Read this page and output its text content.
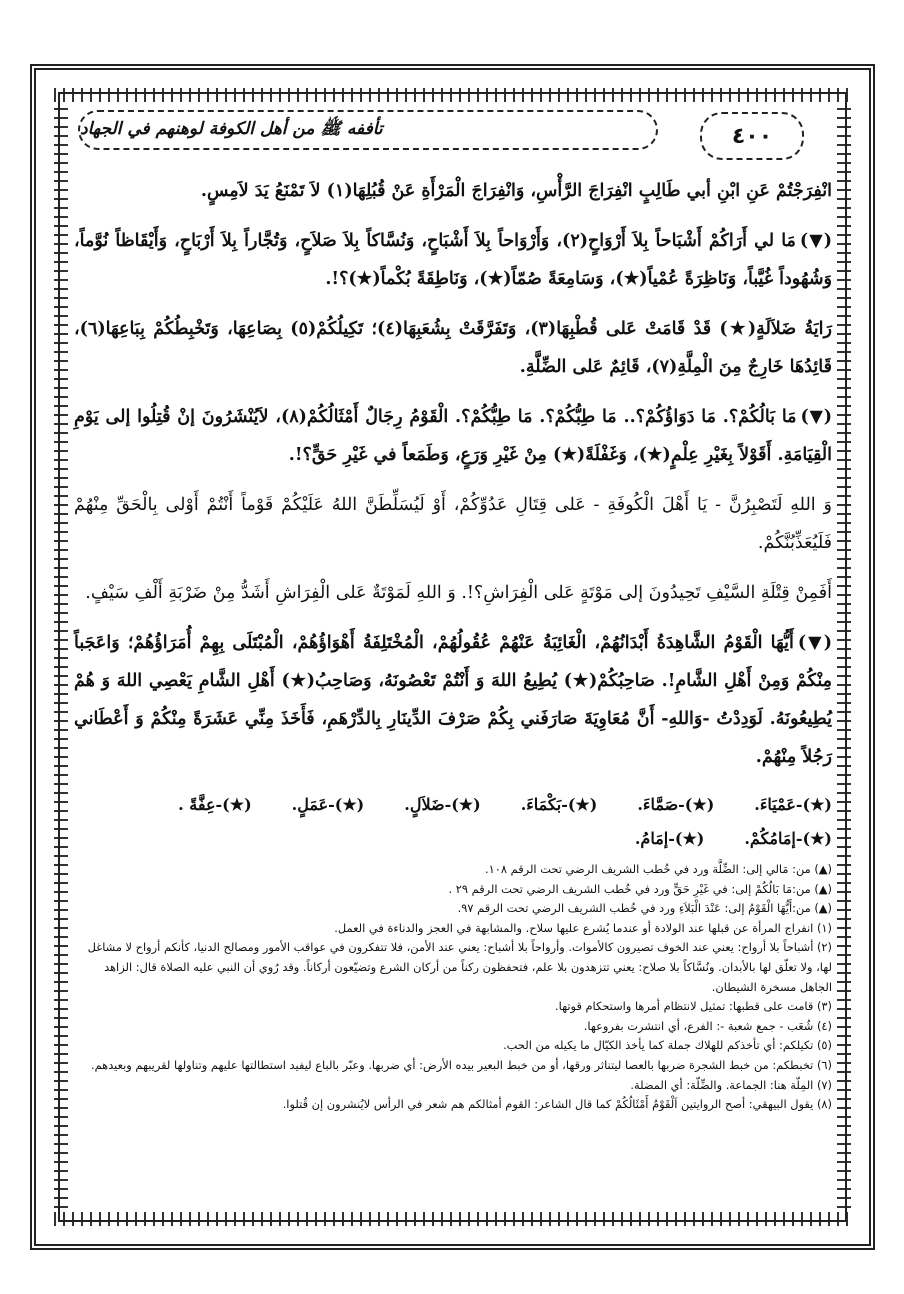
٤٠٠
تأففه ﷺ من أهل الكوفة لوهنهم في الجهاد

انْفِرَجْتُمْ عَنِ ابْنِ أبي طَالِبٍ انْفِرَاجَ الرَّأْسِ، وَانْفِرَاجَ الْمَرْأَةِ عَنْ قُبُلِهَا(١) لاَ تَمْنَعُ يَدَ لاَمِسٍ.

(▼)مَا لي أَرَاكُمْ أَشْبَاحاً بِلاَ أَرْوَاحٍ(٢)، وَأَرْوَاحاً بِلاَ أَشْبَاحٍ، وَنُسَّاكاً بِلاَ صَلاَحٍ، وَتُجَّاراً بِلاَ أَرْبَاحٍ، وَأَيْقَاظاً نُوَّماً، وَشُهُوداً غُيَّباً، وَنَاظِرَةً عُمْياً(★)، وَسَامِعَةً صُمّاً(★)، وَنَاطِقَةً بُكْماً(★)؟!.

رَايَةُ ضَلاَلَةٍ(★) قَدْ قَامَتْ عَلى قُطْبِهَا(٣)، وَتَفَرَّقَتْ بِشُعَبِهَا(٤)؛ تَكِيلُكُمْ(٥) بِصَاعِهَا، وَتَخْبِطُكُمْ بِبَاعِهَا(٦)، قَائِدُهَا خَارِجٌ مِنَ الْمِلَّةِ(٧)، قَائِمٌ عَلى الضِّلَّةِ.

(▼)مَا بَالُكُمْ؟. مَا دَوَاؤُكُمْ؟.. مَا طِبُّكُمْ؟. مَا طِبُّكُمْ؟. الْقَوْمُ رِجَالٌ أَمْثَالُكُمْ(٨)، لاَيُنْشَرُونَ إنْ قُتِلُوا إلى يَوْمِ الْقِيَامَةِ. أَقَوْلاً بِغَيْرِ عِلْمٍ(★)، وَغَفْلَةً(★) مِنْ غَيْرِ وَرَعٍ، وَطَمَعاً في غَيْرِ حَقٍّ؟!.

وَ اللهِ لَتَصْبِرُنَّ - يَا أَهْلَ الْكُوفَةِ - عَلى قِتَالِ عَدُوِّكُمْ، أَوْ لَيُسَلِّطَنَّ اللهُ عَلَيْكُمْ قَوْماً أَنْتُمْ أَوْلى بِالْحَقِّ مِنْهُمْ فَلَيُعَذِّبُنَّكُمْ.

أَفَمِنْ قِتْلَةِ السَّيْفِ تَحِيدُونَ إلى مَوْتَةٍ عَلى الْفِرَاشِ؟!. وَ اللهِ لَمَوْتَةٌ عَلى الْفِرَاشِ أَشَدُّ مِنْ ضَرْبَةِ أَلْفِ سَيْفٍ.

(▼)أَيُّهَا الْقَوْمُ الشَّاهِدَةُ أَبْدَانُهُمْ، الْغَائِبَةُ عَنْهُمْ عُقُولُهُمْ، الْمُخْتَلِفَةُ أَهْوَاؤُهُمْ، الْمُبْتَلَى بِهِمْ أُمَرَاؤُهُمْ؛ وَاعَجَباً مِنْكُمْ وَمِنْ أَهْلِ الشَّامِ!. صَاحِبُكُمْ(★) يُطِيعُ اللهَ وَ أَنْتُمْ تَعْصُونَهُ، وَصَاحِبُ(★) أَهْلِ الشَّامِ يَعْصِي اللهَ وَ هُمْ يُطِيعُونَهُ. لَوَدِدْتُ -وَاللهِ- أَنَّ مُعَاوِيَةَ صَارَفَني بِكُمْ صَرْفَ الدِّينَارِ بِالدِّرْهَمِ، فَأَخَذَ مِنِّي عَشَرَةً مِنْكُمْ وَ أَعْطَاني رَجُلاً مِنْهُمْ.

(★)-عَمْيَاءَ.
(★)-صَمَّاءَ.
(★)-بَكْمَاءَ.
(★)-ضَلاَلٍ.
(★)-عَمَلٍ.
(★)-عِفَّةً .
(★)-إمَامُكُمْ.
(★)-إمَامُ.

(▲) من: مَالي إلى: الضِّلَّة ورد في خُطب الشريف الرضي تحت الرقم ١٠٨.

(▲) من:مَا بَالُكُمْ إلى: في غَيْرِ حَقٍّ ورد في خُطب الشريف الرضي تحت الرقم ٢٩ .

(▲) من:أَيُّهَا الْقَوْمُ إلى: عَنْدَ الْبَلاَءِ ورد في خُطب الشريف الرضي تحت الرقم ٩٧.

(١) انفراج المرأة عن قبلها عند الولادة أو عندما يُشرع عليها سلاح. والمشابهة في العجز والدناءة في العمل.

(٢) أشباحاً بلا أرواح: يعني عند الخوف تصيرون كالأموات. وأرواحاً بلا أشباح: يعني عند الأمن، فلا تتفكرون في عواقب الأمور ومصالح الدنيا، كأنكم أرواح لا مشاغل لها، ولا تعلّق لها بالأبدان. ونُسَّاكاً بلا صلاح: يعني تتزهدون بلا علم، فتحفظون ركناً من أركان الشرع وتضيّعون أركاناً. وقد رُوي أن النبي عليه الصلاة قال: الزاهد الجاهل مسخرة الشيطان.

(٣) قامت على قطبها: تمثيل لانتظام أمرها واستحكام قوتها.

(٤) شُعَب - جمع شعبة -: الفرع، أي انتشرت بفروعها.

(٥) تكيلكم: أي تأخذكم للهلاك جملة كما يأخذ الكيّال ما يكيله من الحب.

(٦) تخبطكم: من خبط الشجرة ضربها بالعصا ليتناثر ورقها، أو من خبط البعير بيده الأرض: أي ضربها. وعبّر بالباع ليفيد استطالتها عليهم وتناولها لقريبهم وبعيدهم.

(٧) المِلّة هنا: الجماعة. والضِّلّة: أي المضلة.

(٨) يقول البيهقي: أصح الروايتين اَلْقَوْمُ أَمْثَالُكُمْ كما قال الشاعر: القوم أمثالكم هم شعر في الرأس لايُنشرون إن قُتلوا.
